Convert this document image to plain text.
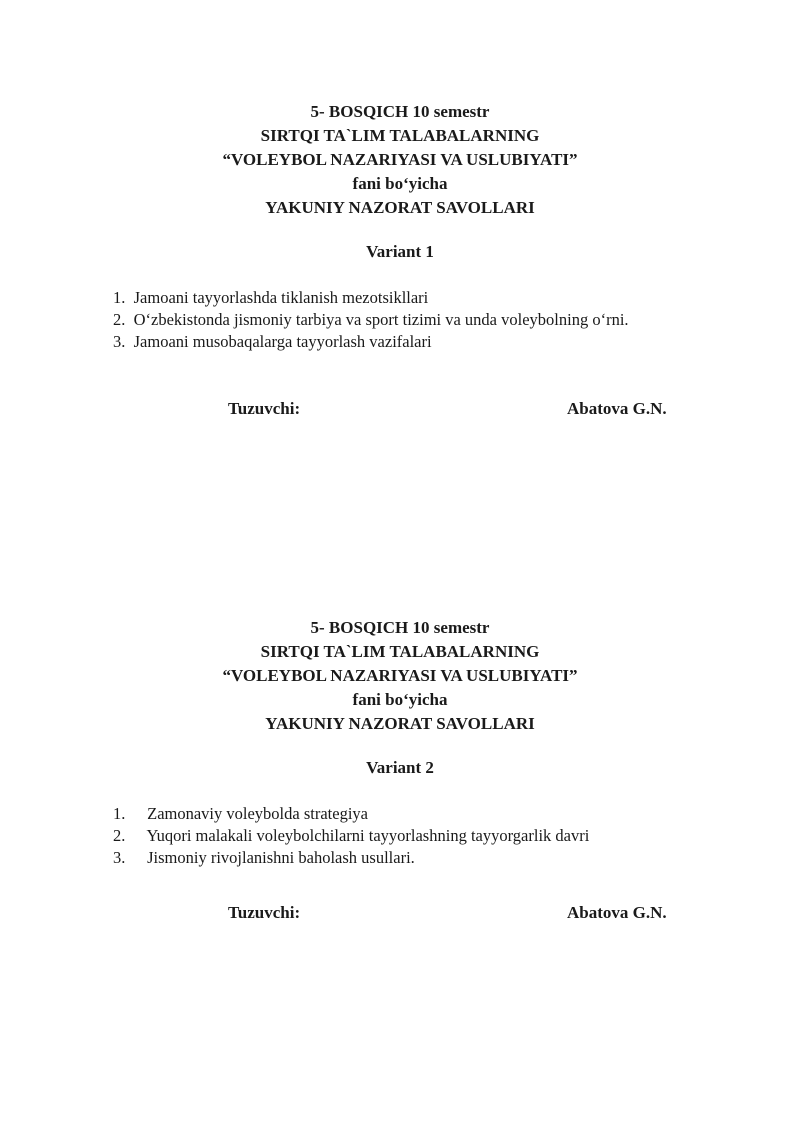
5- BOSQICH 10 semestr
SIRTQI TA`LIM TALABALARNING
“VOLEYBOL NAZARIYASI VA USLUBIYATI”
fani bo‘yicha
YAKUNIY NAZORAT SAVOLLARI
Variant 1
1.  Jamoani tayyorlashda tiklanish mezotsikllari
2.  O‘zbekistonda jismoniy tarbiya va sport tizimi va unda voleybolning o‘rni.
3.  Jamoani musobaqalarga tayyorlash vazifalari
Tuzuvchi:	Abatova G.N.
5- BOSQICH 10 semestr
SIRTQI TA`LIM TALABALARNING
“VOLEYBOL NAZARIYASI VA USLUBIYATI”
fani bo‘yicha
YAKUNIY NAZORAT SAVOLLARI
Variant 2
1. Zamonaviy voleybolda strategiya
2. Yuqori malakali voleybolchilarni tayyorlashning tayyorgarlik davri
3. Jismoniy rivojlanishni baholash usullari.
Tuzuvchi:	Abatova G.N.
